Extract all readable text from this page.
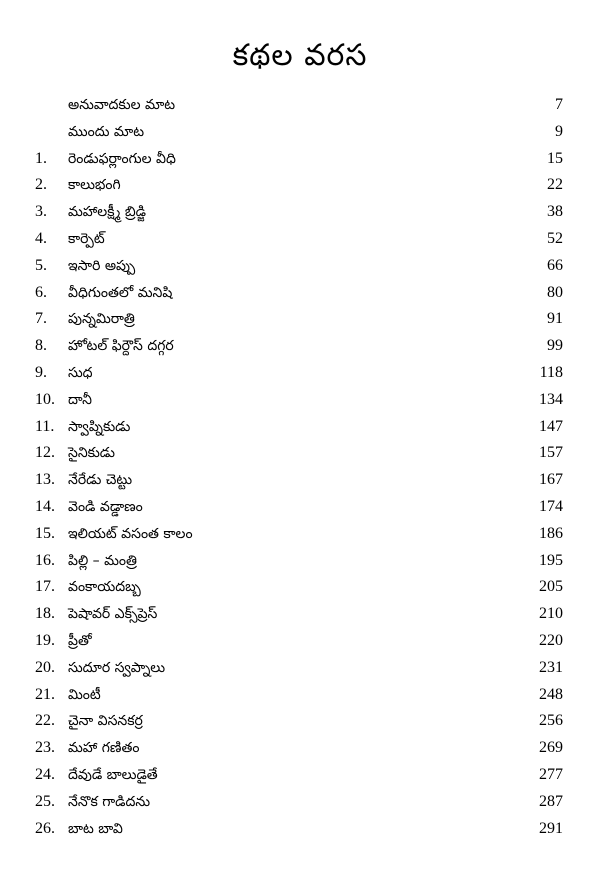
కథల వరస
అనువాదకుల మాట	7
ముందు మాట	9
1.	రెండుఫర్లాంగుల వీధి	15
2.	కాలుభంగి	22
3.	మహాలక్ష్మీ బ్రిడ్జి	38
4.	కార్పెట్	52
5.	ఇసారి అప్పు	66
6.	వీధిగుంతలో మనిషి	80
7.	పున్నమిరాత్రి	91
8.	హోటల్ ఫిర్దౌస్ దగ్గర	99
9.	సుధ	118
10. దానీ	134
11. స్వాప్నికుడు	147
12. సైనికుడు	157
13. నేరేడు చెట్టు	167
14. వెండి వడ్డాణం	174
15. ఇలియట్ వసంత కాలం	186
16. పిల్లి – మంత్రి	195
17. వంకాయదబ్బ	205
18. పెషావర్ ఎక్స్‌ప్రెస్	210
19. ప్రీతో	220
20. సుదూర స్వప్నాలు	231
21. మింటీ	248
22. చైనా విసనకర్ర	256
23. మహా గణితం	269
24. దేవుడే బాలుడైతే	277
25. నేనొక గాడిదను	287
26. బాట బావి	291
